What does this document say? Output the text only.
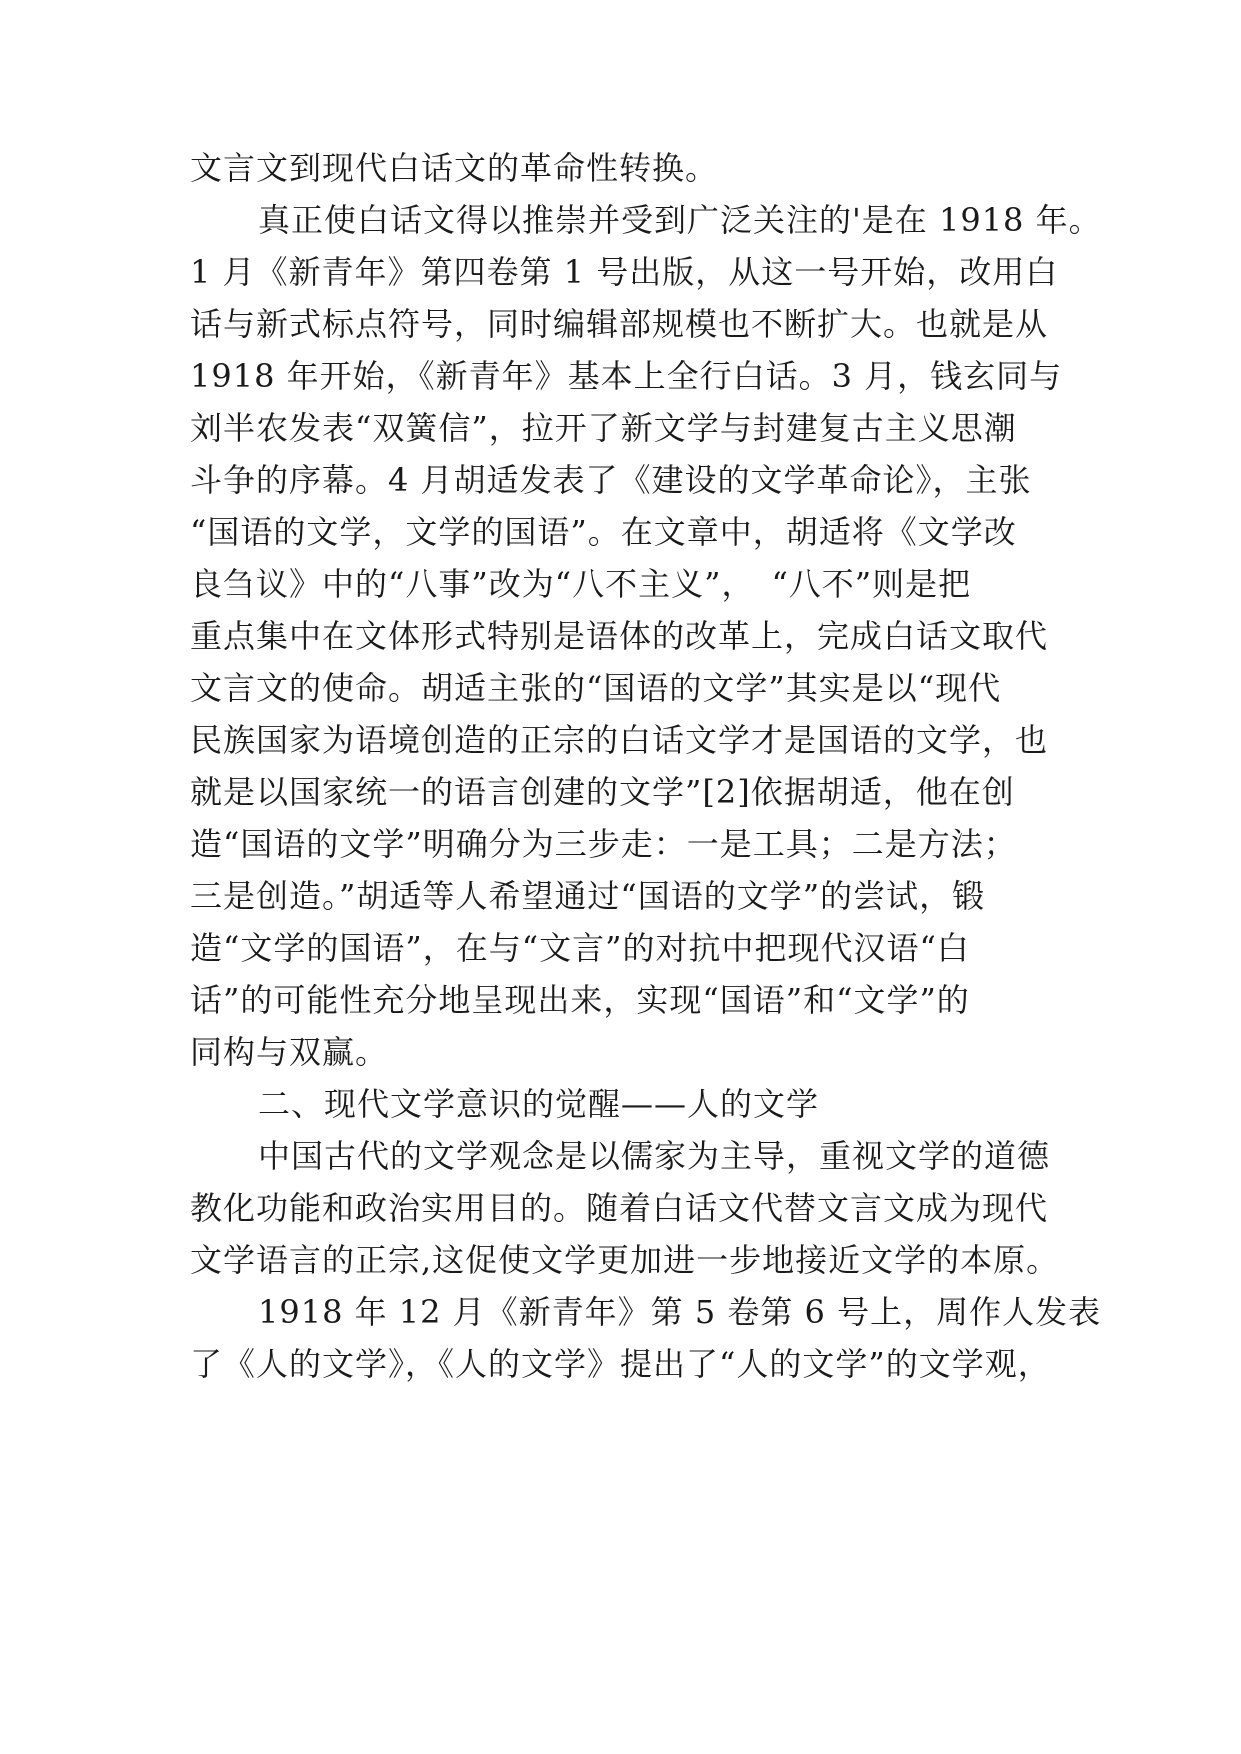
文言文到现代白话文的革命性转换。
真正使白话文得以推崇并受到广泛关注的'是在 1918 年。
1 月《新青年》第四卷第 1 号出版，从这一号开始，改用白
话与新式标点符号，同时编辑部规模也不断扩大。也就是从
1918 年开始，《新青年》基本上全行白话。3 月，钱玄同与
刘半农发表“双簧信”，拉开了新文学与封建复古主义思潮
斗争的序幕。4 月胡适发表了《建设的文学革命论》，主张
“国语的文学，文学的国语”。在文章中，胡适将《文学改
良刍议》中的“八事”改为“八不主义”，　“八不”则是把
重点集中在文体形式特别是语体的改革上，完成白话文取代
文言文的使命。胡适主张的“国语的文学”其实是以“现代
民族国家为语境创造的正宗的白话文学才是国语的文学，也
就是以国家统一的语言创建的文学”[2]依据胡适，他在创
造“国语的文学”明确分为三步走：一是工具；二是方法；
三是创造。”胡适等人希望通过“国语的文学”的尝试，锻
造“文学的国语”，在与“文言”的对抗中把现代汉语“白
话”的可能性充分地呈现出来，实现“国语”和“文学”的
同构与双赢。
二、现代文学意识的觉醒——人的文学
中国古代的文学观念是以儒家为主导，重视文学的道德
教化功能和政治实用目的。随着白话文代替文言文成为现代
文学语言的正宗,这促使文学更加进一步地接近文学的本原。
1918 年 12 月《新青年》第 5 卷第 6 号上，周作人发表
了《人的文学》，《人的文学》提出了“人的文学”的文学观，
